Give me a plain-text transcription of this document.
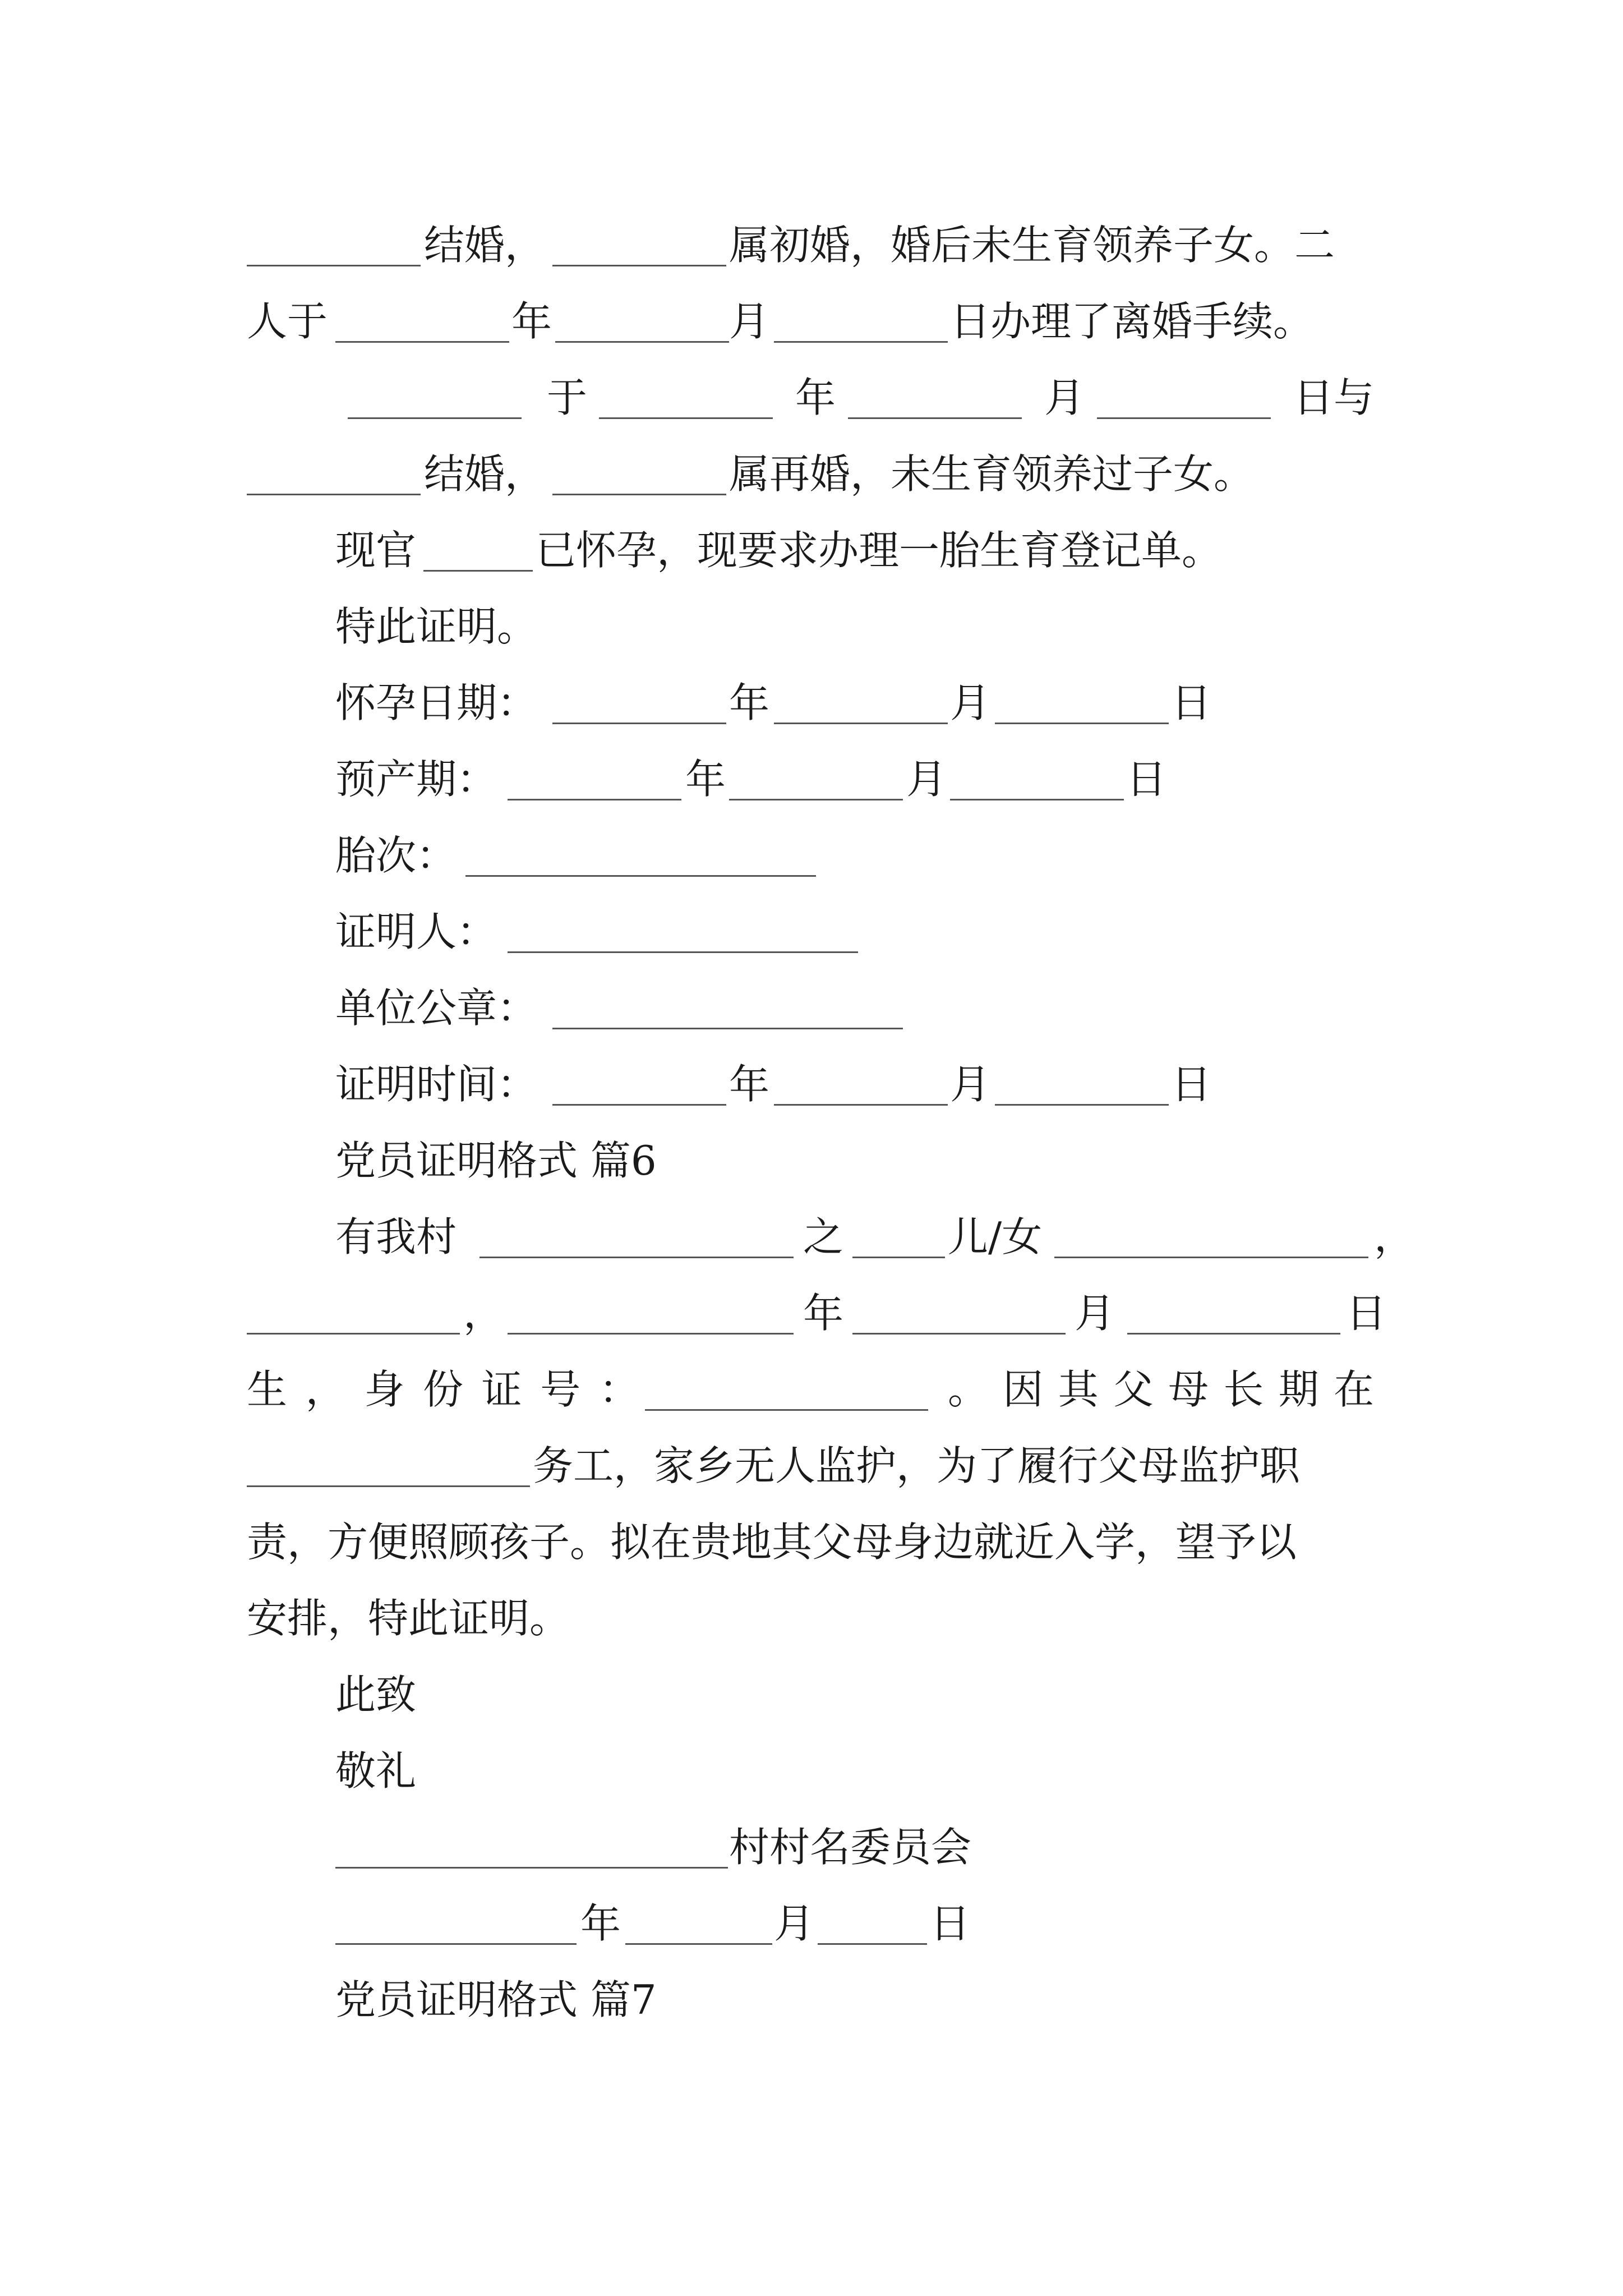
结婚，	属初婚，婚后未生育领养子女。二
人于	年	月	日办理了离婚手续。
于	年	月	日与
结婚，	属再婚，未生育领养过子女。
现官	已怀孕，现要求办理一胎生育登记单。
特此证明。
怀孕日期：	年	月	日
预产期：	年	月	日
胎次：
证明人：
单位公章：
证明时间：	年	月	日
党员证明格式 篇6
有我村	之	儿/女	，
，	年	月	日
生 ， 身 份 证 号 ：	。 因 其 父 母 长 期 在
务工，家乡无人监护，为了履行父母监护职
责，方便照顾孩子。拟在贵地其父母身边就近入学，望予以
安排，特此证明。
此致
敬礼
村村名委员会
年	月	日
党员证明格式 篇7
